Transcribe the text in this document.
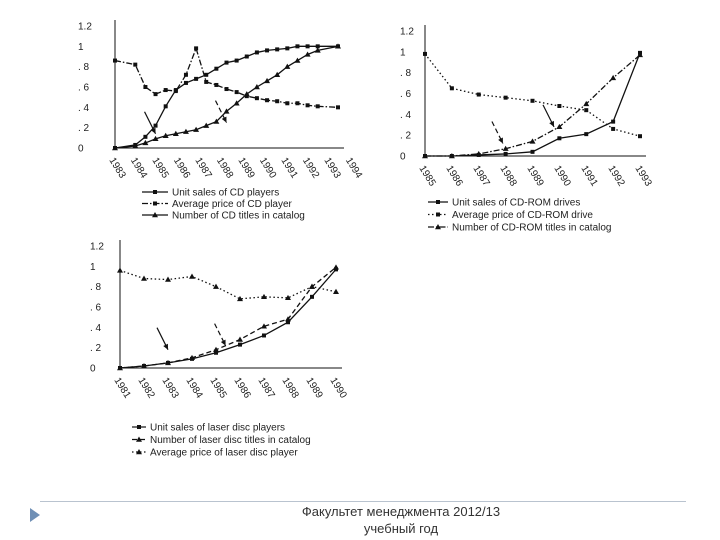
0
. 2
. 4
. 6
. 8
1
1.2
1983 1984 1985 1986 1987 1988 1989 1990 1991 1992 1993 1994
Unit sales of CD players
Average price of CD player
Number of CD titles in catalog
0
. 2
. 4
. 6
. 8
1
1.2
1985 1986 1987 1988 1989 1990 1991 1992 1993
Unit sales of CD-ROM drives
Average price of CD-ROM drive
Number of CD-ROM titles in catalog
0
. 2
. 4
. 6
. 8
1
1.2
1981 1982 1983 1984 1985 1986 1987 1988 1989 1990
Unit sales of laser disc players
Number of laser disc titles in catalog
Average price of laser disc player
Факультет менеджмента 2012/13
учебный год
